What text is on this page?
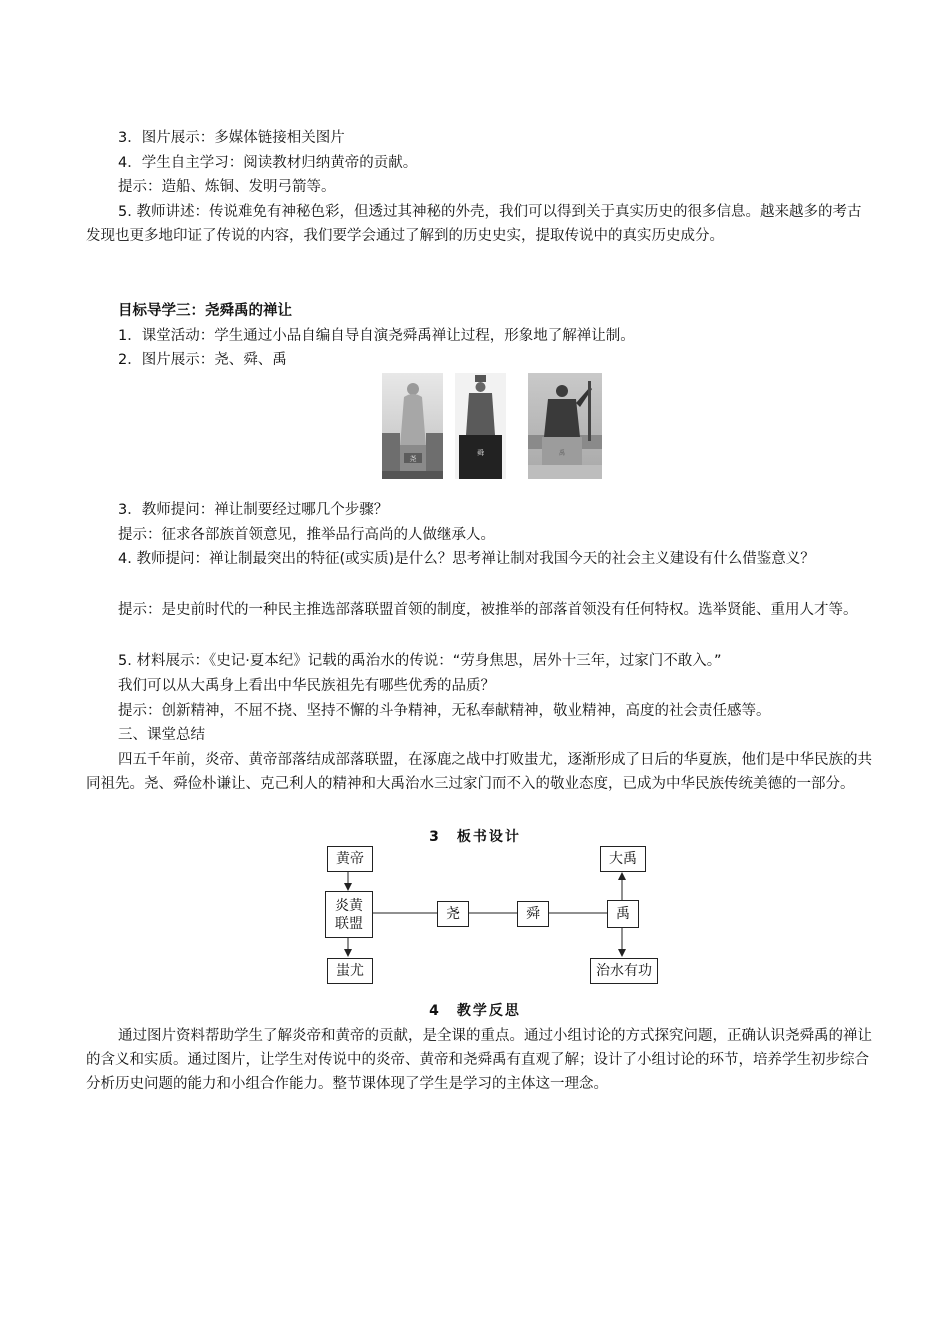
3．图片展示：多媒体链接相关图片

4．学生自主学习：阅读教材归纳黄帝的贡献。

提示：造船、炼铜、发明弓箭等。

5. 教师讲述：传说难免有神秘色彩，但透过其神秘的外壳，我们可以得到关于真实历史的很多信息。越来越多的考古发现也更多地印证了传说的内容，我们要学会通过了解到的历史史实，提取传说中的真实历史成分。

目标导学三：尧舜禹的禅让

1．课堂活动：学生通过小品自编自导自演尧舜禹禅让过程，形象地了解禅让制。

2．图片展示：尧、舜、禹

尧
舜	禹

3．教师提问：禅让制要经过哪几个步骤？

提示：征求各部族首领意见，推举品行高尚的人做继承人。

4. 教师提问：禅让制最突出的特征(或实质)是什么？思考禅让制对我国今天的社会主义建设有什么借鉴意义？

提示：是史前时代的一种民主推选部落联盟首领的制度，被推举的部落首领没有任何特权。选举贤能、重用人才等。

5. 材料展示：《史记·夏本纪》记载的禹治水的传说：“劳身焦思，居外十三年，过家门不敢入。”

我们可以从大禹身上看出中华民族祖先有哪些优秀的品质？

提示：创新精神，不屈不挠、坚持不懈的斗争精神，无私奉献精神，敬业精神，高度的社会责任感等。

三、课堂总结

四五千年前，炎帝、黄帝部落结成部落联盟，在涿鹿之战中打败蚩尤，逐渐形成了日后的华夏族，他们是中华民族的共同祖先。尧、舜俭朴谦让、克己利人的精神和大禹治水三过家门而不入的敬业态度，已成为中华民族传统美德的一部分。

3　板书设计
黄帝
炎黄
联盟
蚩尤
尧	舜	禹
大禹
治水有功
4　教学反思

通过图片资料帮助学生了解炎帝和黄帝的贡献，是全课的重点。通过小组讨论的方式探究问题，正确认识尧舜禹的禅让的含义和实质。通过图片，让学生对传说中的炎帝、黄帝和尧舜禹有直观了解；设计了小组讨论的环节，培养学生初步综合分析历史问题的能力和小组合作能力。整节课体现了学生是学习的主体这一理念。
